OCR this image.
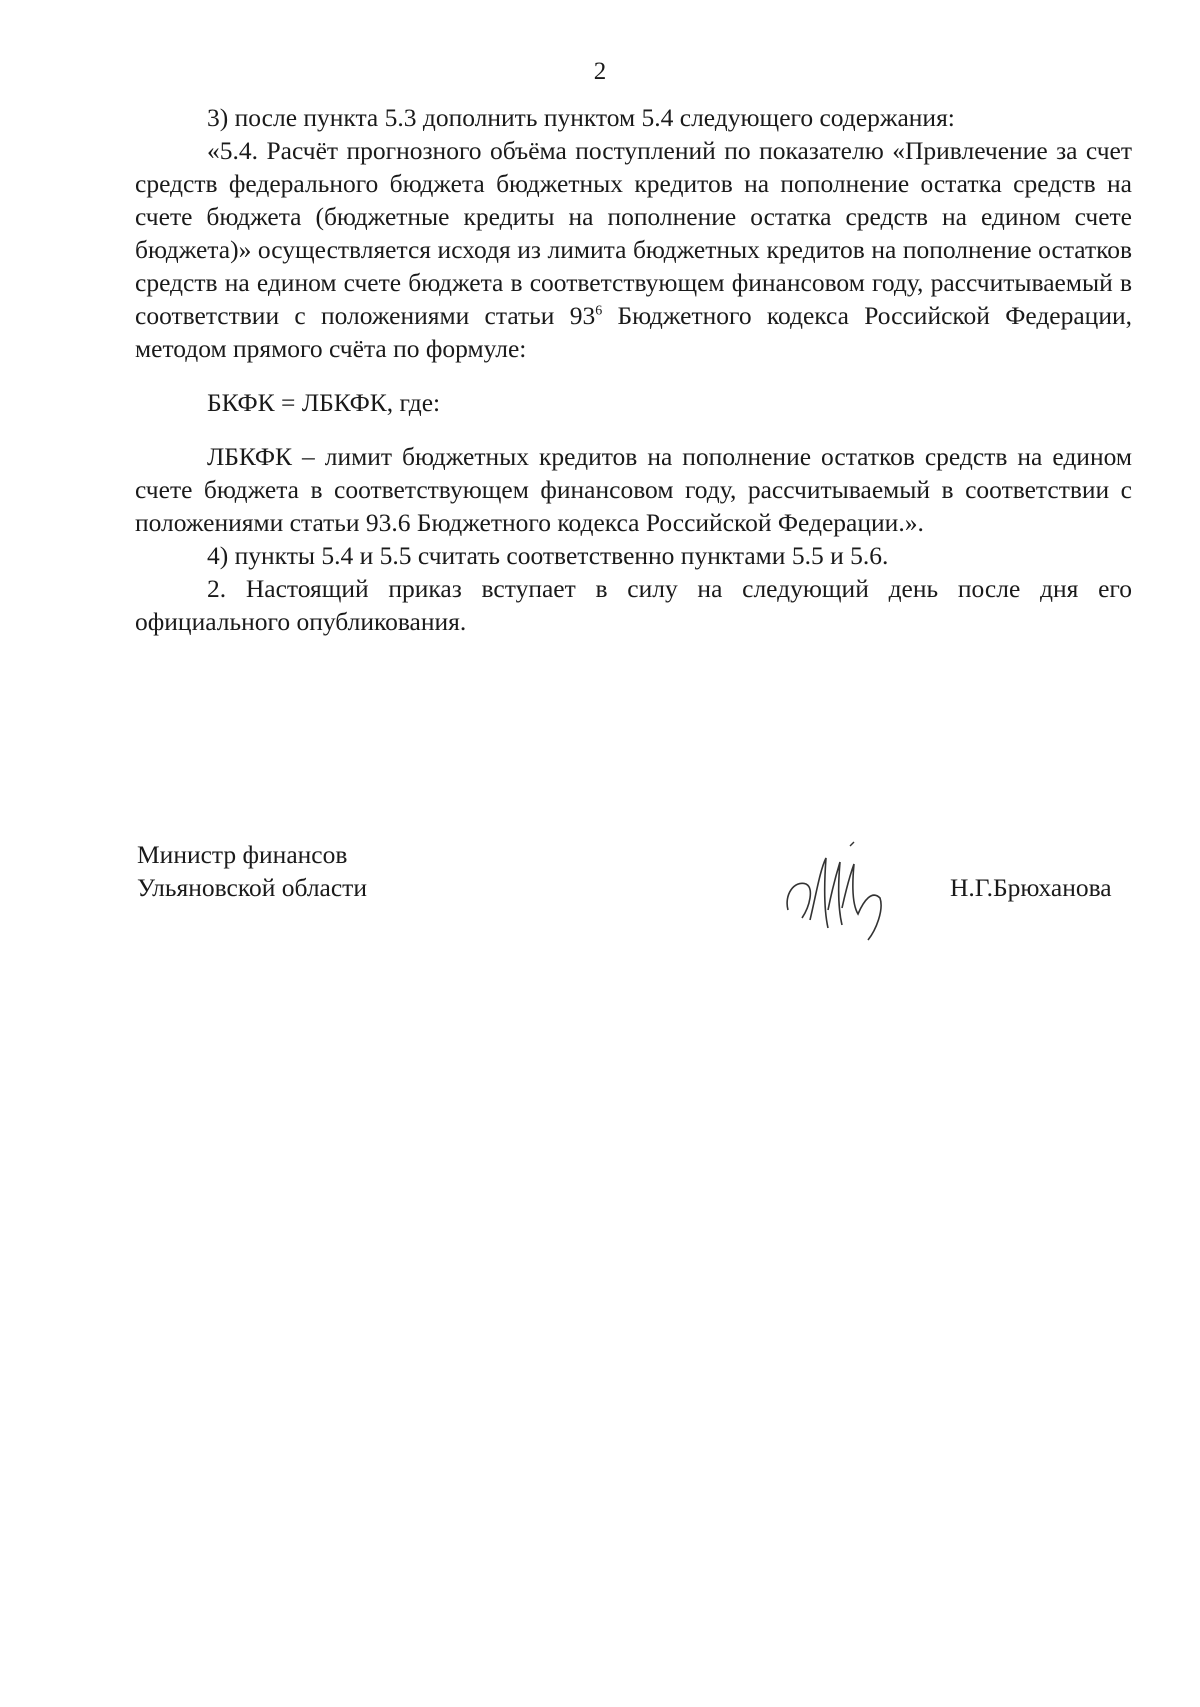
2

3) после пункта 5.3 дополнить пунктом 5.4 следующего содержания:

«5.4. Расчёт прогнозного объёма поступлений по показателю «Привлечение за счет средств федерального бюджета бюджетных кредитов на пополнение остатка средств на счете бюджета (бюджетные кредиты на пополнение остатка средств на едином счете бюджета)» осуществляется исходя из лимита бюджетных кредитов на пополнение остатков средств на едином счете бюджета в соответствующем финансовом году, рассчитываемый в соответствии с положениями статьи $93^6$ Бюджетного кодекса Российской Федерации, методом прямого счёта по формуле:

БКФК = ЛБКФК, где:

ЛБКФК – лимит бюджетных кредитов на пополнение остатков средств на едином счете бюджета в соответствующем финансовом году, рассчитываемый в соответствии с положениями статьи 93.6 Бюджетного кодекса Российской Федерации.».

4) пункты 5.4 и 5.5 считать соответственно пунктами 5.5 и 5.6.

2. Настоящий приказ вступает в силу на следующий день после дня его официального опубликования.

Министр финансов
Ульяновской области	Н.Г.Брюханова
